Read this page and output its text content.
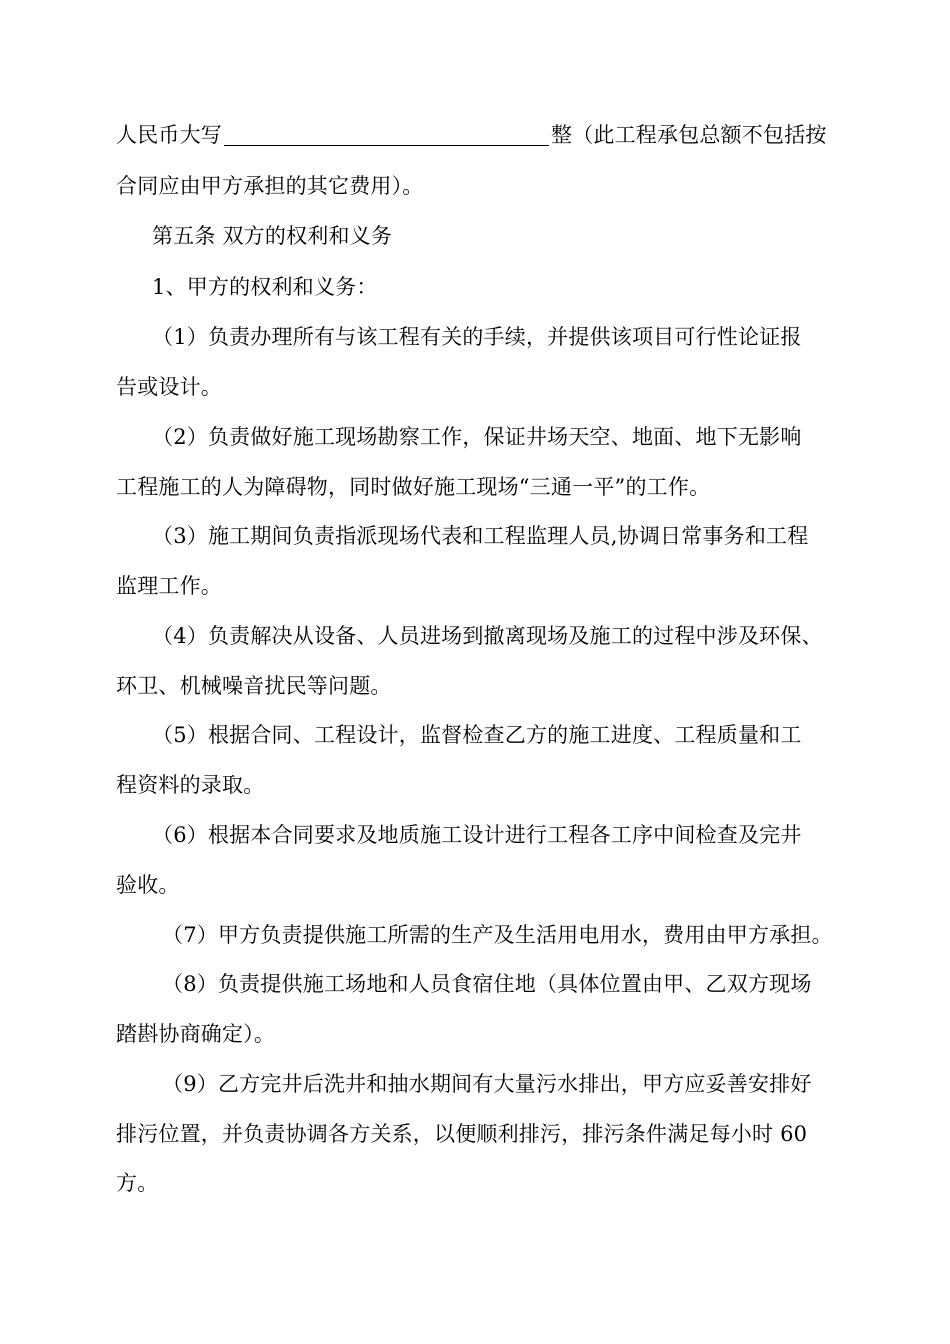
人民币大写	整（此工程承包总额不包括按
合同应由甲方承担的其它费用）。
第五条 双方的权利和义务
1、甲方的权利和义务：
（1）负责办理所有与该工程有关的手续，并提供该项目可行性论证报
告或设计。
（2）负责做好施工现场勘察工作，保证井场天空、地面、地下无影响
工程施工的人为障碍物，同时做好施工现场“三通一平”的工作。
（3）施工期间负责指派现场代表和工程监理人员,协调日常事务和工程
监理工作。
（4）负责解决从设备、人员进场到撤离现场及施工的过程中涉及环保、
环卫、机械噪音扰民等问题。
（5）根据合同、工程设计，监督检查乙方的施工进度、工程质量和工
程资料的录取。
（6）根据本合同要求及地质施工设计进行工程各工序中间检查及完井
验收。
（7）甲方负责提供施工所需的生产及生活用电用水，费用由甲方承担。
（8）负责提供施工场地和人员食宿住地（具体位置由甲、乙双方现场
踏斟协商确定）。
（9）乙方完井后洗井和抽水期间有大量污水排出，甲方应妥善安排好
排污位置，并负责协调各方关系，以便顺利排污，排污条件满足每小时 60
方。
